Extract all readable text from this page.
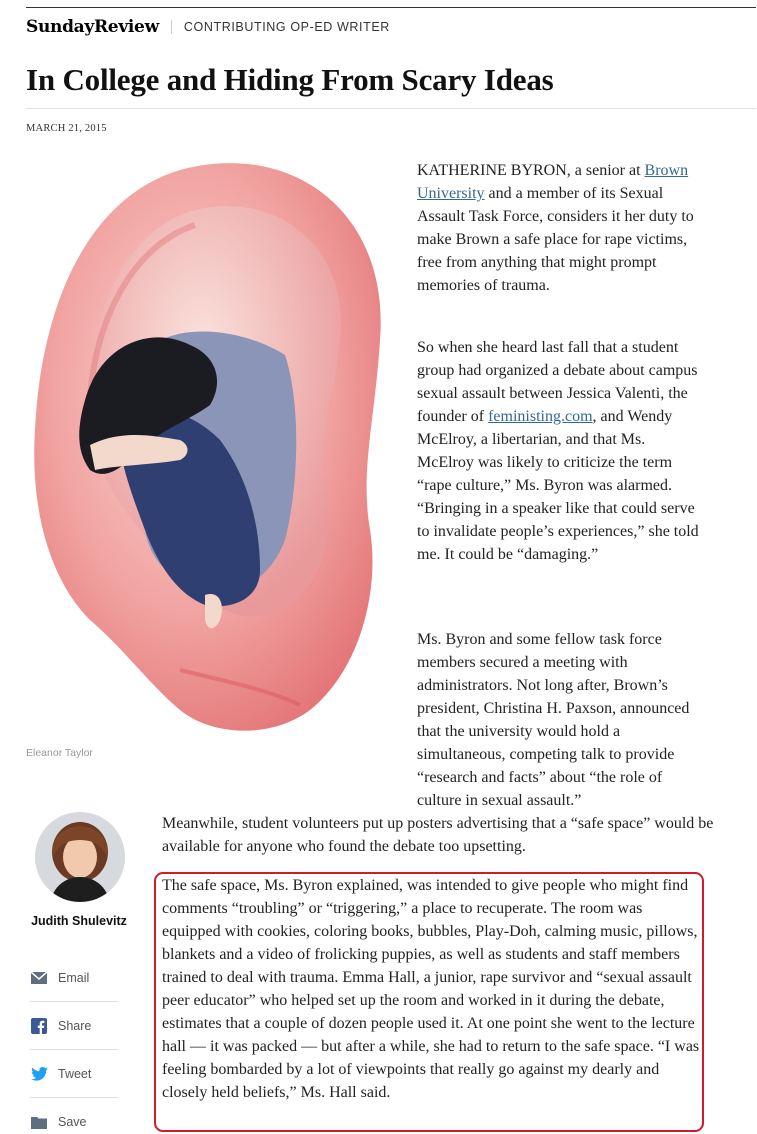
SundayReview CONTRIBUTING OP-ED WRITER
In College and Hiding From Scary Ideas
MARCH 21, 2015
Eleanor Taylor

KATHERINE BYRON, a senior at Brown University and a member of its Sexual Assault Task Force, considers it her duty to make Brown a safe place for rape victims, free from anything that might prompt memories of trauma.

So when she heard last fall that a student group had organized a debate about campus sexual assault between Jessica Valenti, the founder of feministing.com, and Wendy McElroy, a libertarian, and that Ms. McElroy was likely to criticize the term “rape culture,” Ms. Byron was alarmed. “Bringing in a speaker like that could serve to invalidate people’s experiences,” she told me. It could be “damaging.”

Ms. Byron and some fellow task force members secured a meeting with administrators. Not long after, Brown’s president, Christina H. Paxson, announced that the university would hold a simultaneous, competing talk to provide “research and facts” about “the role of culture in sexual assault.”

Meanwhile, student volunteers put up posters advertising that a “safe space” would be available for anyone who found the debate too upsetting.

Judith Shulevitz
Email
Share
Tweet
Save

The safe space, Ms. Byron explained, was intended to give people who might find comments “troubling” or “triggering,” a place to recuperate. The room was equipped with cookies, coloring books, bubbles, Play-Doh, calming music, pillows, blankets and a video of frolicking puppies, as well as students and staff members trained to deal with trauma. Emma Hall, a junior, rape survivor and “sexual assault peer educator” who helped set up the room and worked in it during the debate, estimates that a couple of dozen people used it. At one point she went to the lecture hall — it was packed — but after a while, she had to return to the safe space. “I was feeling bombarded by a lot of viewpoints that really go against my dearly and closely held beliefs,” Ms. Hall said.
